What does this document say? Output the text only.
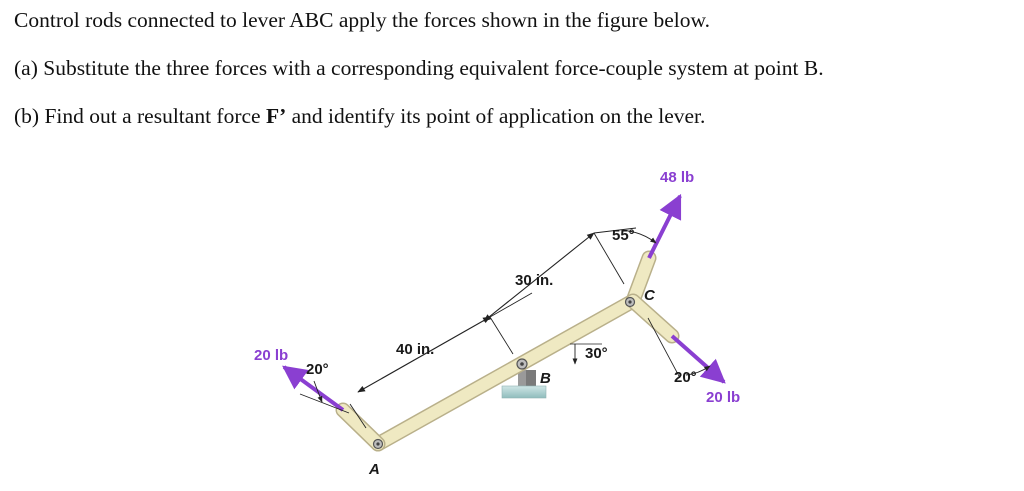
Control rods connected to lever ABC apply the forces shown in the figure below.
(a) Substitute the three forces with a corresponding equivalent force-couple system at point B.
(b) Find out a resultant force F’ and identify its point of application on the lever.
20 lb
48 lb
20 lb
40 in.
30 in.
20°
55°
30°
20°
A
B
C
